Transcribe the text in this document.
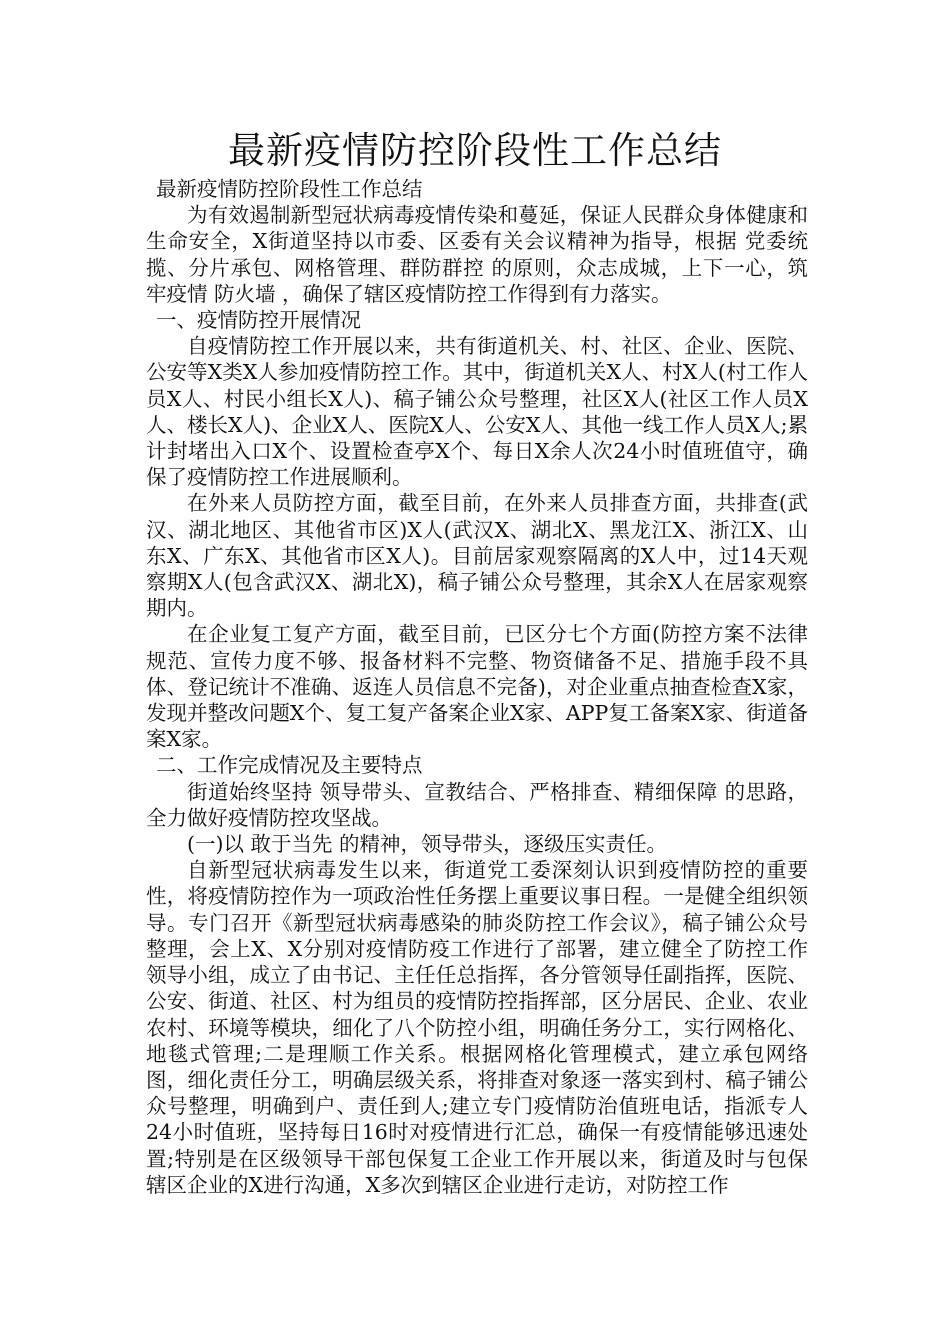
最新疫情防控阶段性工作总结

最新疫情防控阶段性工作总结

为有效遏制新型冠状病毒疫情传染和蔓延，保证人民群众身体健康和生命安全，X街道坚持以市委、区委有关会议精神为指导，根据 党委统揽、分片承包、网格管理、群防群控 的原则，众志成城，上下一心，筑牢疫情 防火墙 ，确保了辖区疫情防控工作得到有力落实。

一、疫情防控开展情况

自疫情防控工作开展以来，共有街道机关、村、社区、企业、医院、公安等X类X人参加疫情防控工作。其中，街道机关X人、村X人(村工作人员X人、村民小组长X人)、稿子铺公众号整理，社区X人(社区工作人员X人、楼长X人)、企业X人、医院X人、公安X人、其他一线工作人员X人;累计封堵出入口X个、设置检查亭X个、每日X余人次24小时值班值守，确保了疫情防控工作进展顺利。

在外来人员防控方面，截至目前，在外来人员排查方面，共排查(武汉、湖北地区、其他省市区)X人(武汉X、湖北X、黑龙江X、浙江X、山东X、广东X、其他省市区X人)。目前居家观察隔离的X人中，过14天观察期X人(包含武汉X、湖北X)，稿子铺公众号整理，其余X人在居家观察期内。

在企业复工复产方面，截至目前，已区分七个方面(防控方案不法律规范、宣传力度不够、报备材料不完整、物资储备不足、措施手段不具体、登记统计不准确、返连人员信息不完备)，对企业重点抽查检查X家，发现并整改问题X个、复工复产备案企业X家、APP复工备案X家、街道备案X家。

二、工作完成情况及主要特点

街道始终坚持 领导带头、宣教结合、严格排查、精细保障 的思路，全力做好疫情防控攻坚战。

(一)以 敢于当先 的精神，领导带头，逐级压实责任。

自新型冠状病毒发生以来，街道党工委深刻认识到疫情防控的重要性，将疫情防控作为一项政治性任务摆上重要议事日程。一是健全组织领导。专门召开《新型冠状病毒感染的肺炎防控工作会议》，稿子铺公众号整理，会上X、X分别对疫情防疫工作进行了部署，建立健全了防控工作领导小组，成立了由书记、主任任总指挥，各分管领导任副指挥，医院、公安、街道、社区、村为组员的疫情防控指挥部，区分居民、企业、农业农村、环境等模块，细化了八个防控小组，明确任务分工，实行网格化、地毯式管理;二是理顺工作关系。根据网格化管理模式，建立承包网络图，细化责任分工，明确层级关系，将排查对象逐一落实到村、稿子铺公众号整理，明确到户、责任到人;建立专门疫情防治值班电话，指派专人24小时值班，坚持每日16时对疫情进行汇总，确保一有疫情能够迅速处置;特别是在区级领导干部包保复工企业工作开展以来，街道及时与包保辖区企业的X进行沟通，X多次到辖区企业进行走访，对防控工作
